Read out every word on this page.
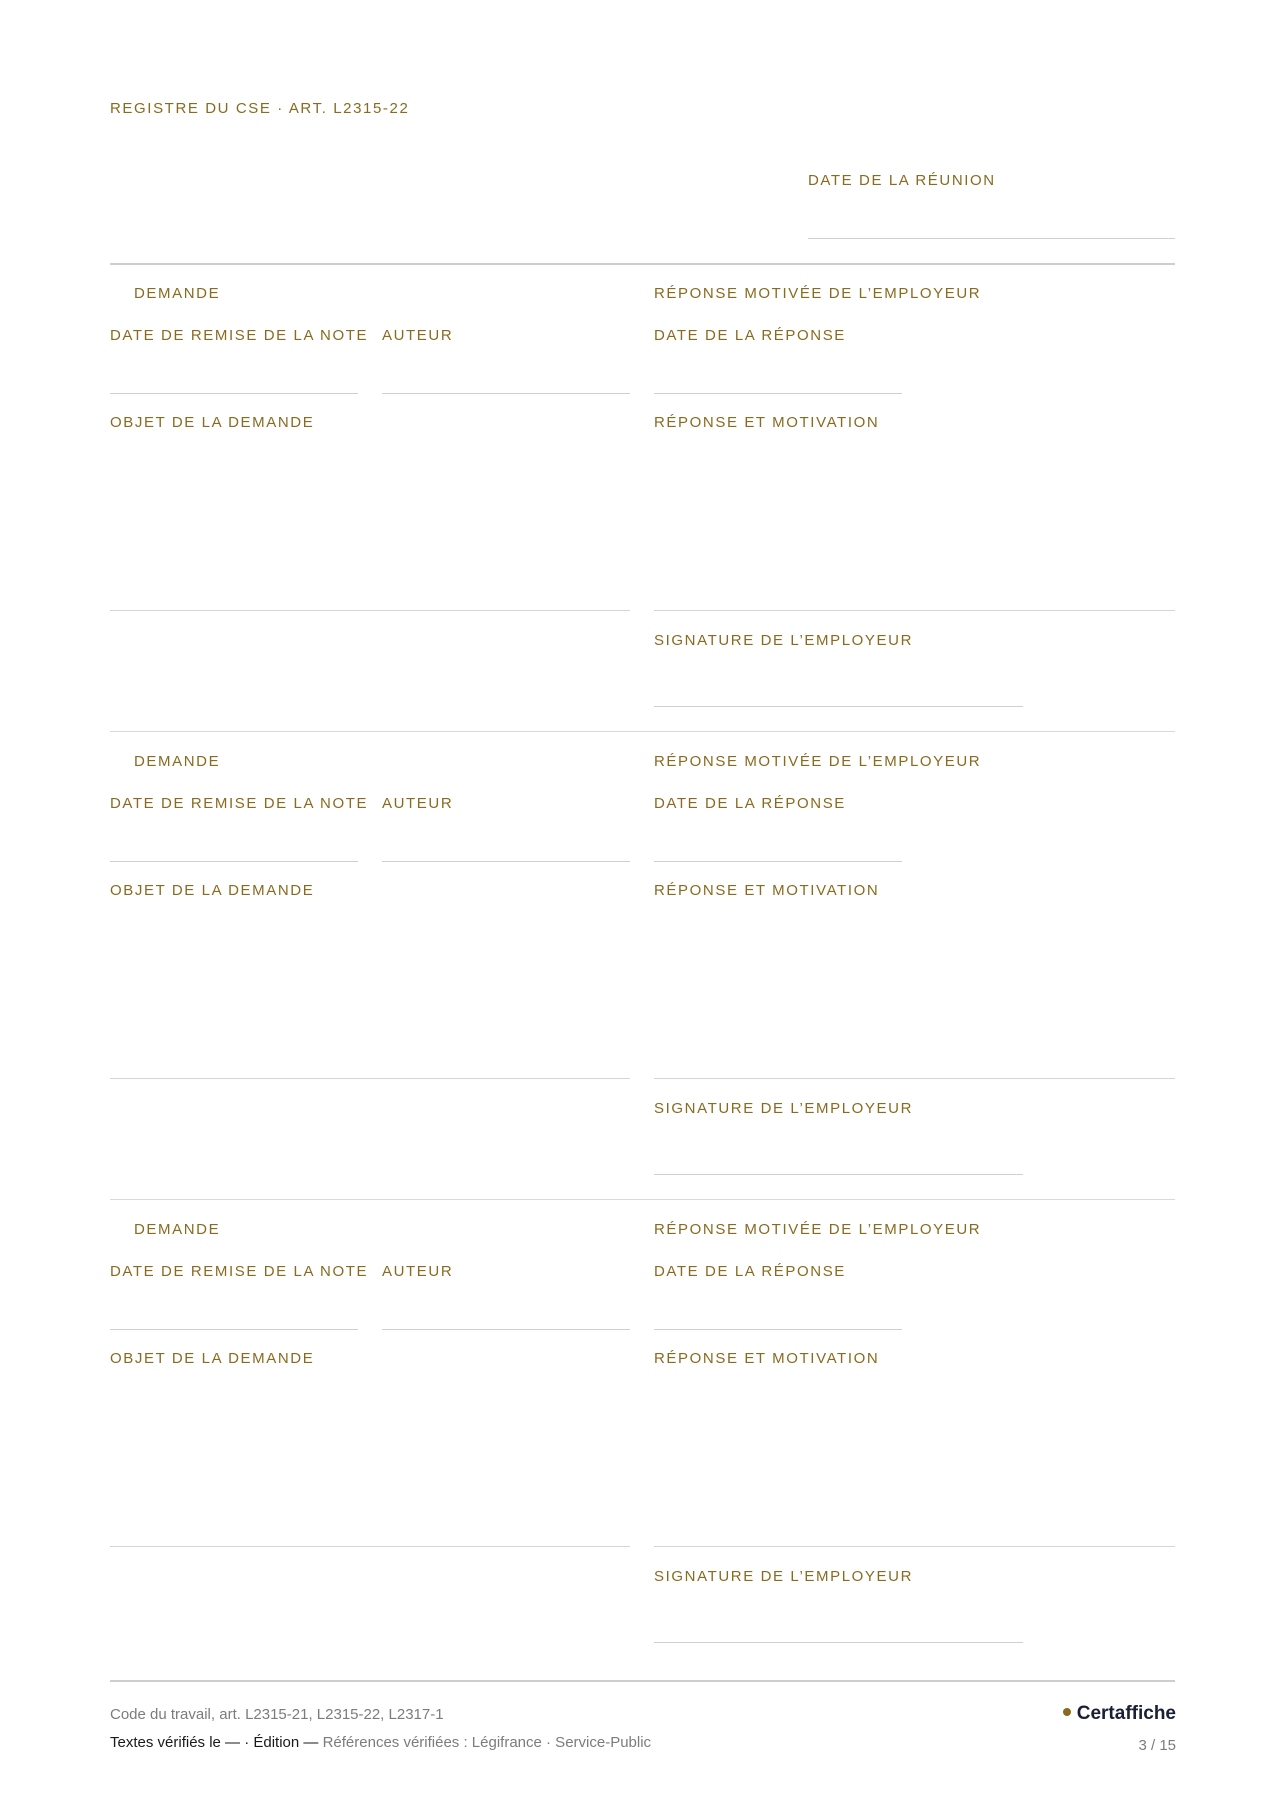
REGISTRE DU CSE · ART. L2315-22
DATE DE LA RÉUNION
DEMANDE	RÉPONSE MOTIVÉE DE L’EMPLOYEUR
DATE DE REMISE DE LA NOTE AUTEUR	DATE DE LA RÉPONSE
OBJET DE LA DEMANDE	RÉPONSE ET MOTIVATION
SIGNATURE DE L’EMPLOYEUR
DEMANDE	RÉPONSE MOTIVÉE DE L’EMPLOYEUR
DATE DE REMISE DE LA NOTE AUTEUR	DATE DE LA RÉPONSE
OBJET DE LA DEMANDE	RÉPONSE ET MOTIVATION
SIGNATURE DE L’EMPLOYEUR
DEMANDE	RÉPONSE MOTIVÉE DE L’EMPLOYEUR
DATE DE REMISE DE LA NOTE AUTEUR	DATE DE LA RÉPONSE
OBJET DE LA DEMANDE	RÉPONSE ET MOTIVATION
SIGNATURE DE L’EMPLOYEUR
Code du travail, art. L2315-21, L2315-22, L2317-1
Textes vérifiés le — · Édition — Références vérifiées : Légifrance · Service-Public
Certaffiche
3 / 15
